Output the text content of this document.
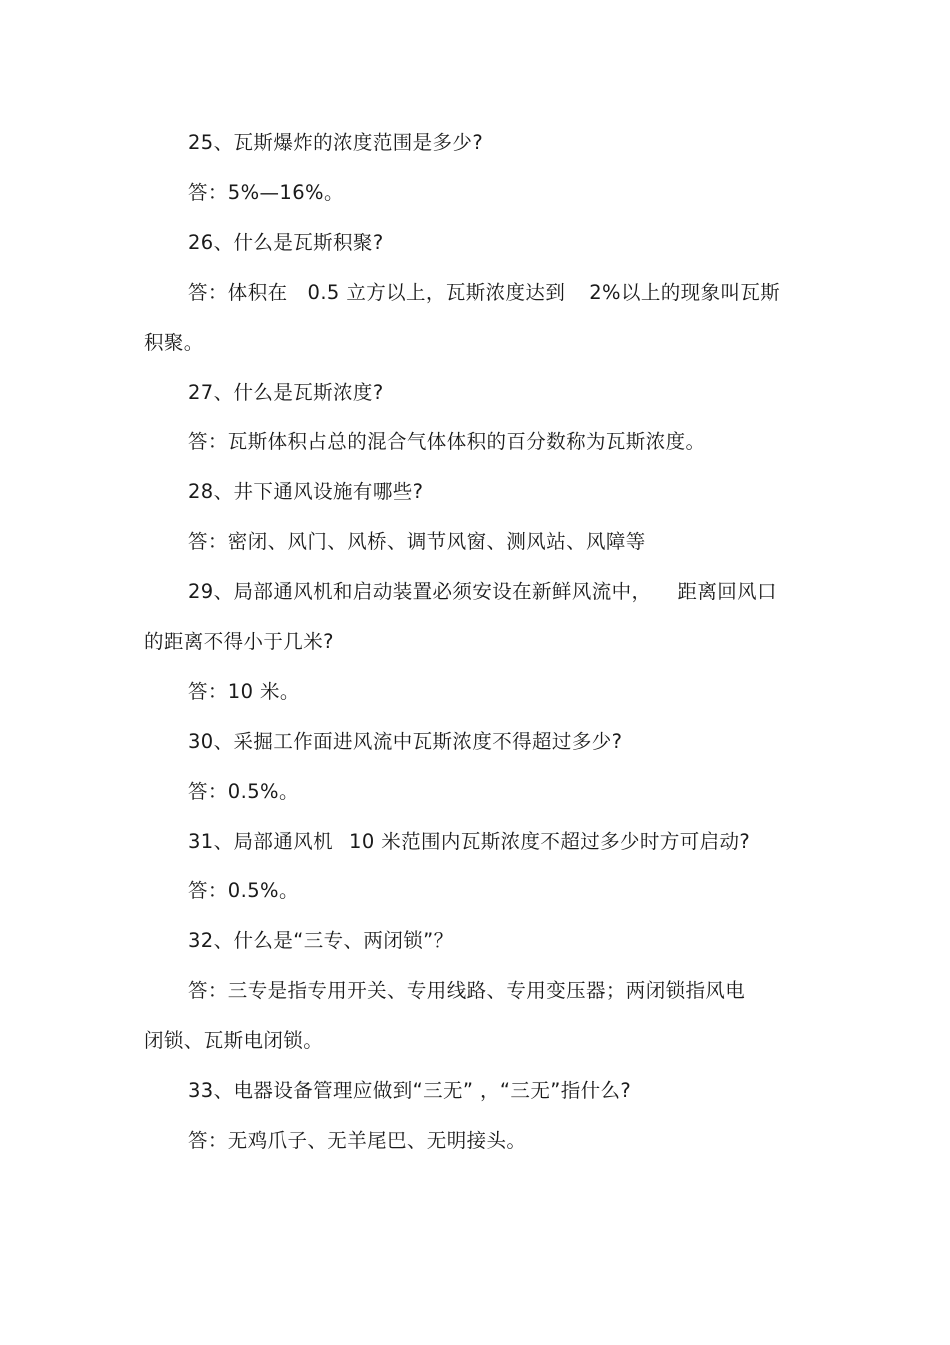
25、瓦斯爆炸的浓度范围是多少?
答：5%—16%。
26、什么是瓦斯积聚?
答：体积在 0.5 立方以上，瓦斯浓度达到 2%以上的现象叫瓦斯
积聚。
27、什么是瓦斯浓度?
答：瓦斯体积占总的混合气体体积的百分数称为瓦斯浓度。
28、井下通风设施有哪些?
答：密闭、风门、风桥、调节风窗、测风站、风障等
29、局部通风机和启动装置必须安设在新鲜风流中， 距离回风口
的距离不得小于几米?
答：10 米。
30、采掘工作面进风流中瓦斯浓度不得超过多少?
答：0.5%。
31、局部通风机 10 米范围内瓦斯浓度不超过多少时方可启动?
答：0.5%。
32、什么是“三专、两闭锁”？
答：三专是指专用开关、专用线路、专用变压器；两闭锁指风电
闭锁、瓦斯电闭锁。
33、电器设备管理应做到“三无” ，“三无”指什么?
答：无鸡爪子、无羊尾巴、无明接头。
